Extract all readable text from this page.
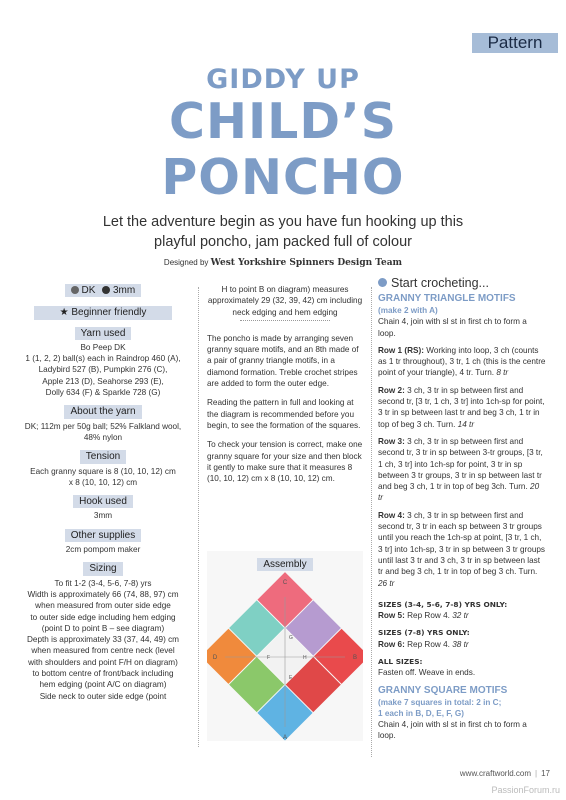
Pattern
GIDDY UP
CHILD’S
PONCHO
Let the adventure begin as you have fun hooking up this playful poncho, jam packed full of colour
Designed by West Yorkshire Spinners Design Team
DK 3mm
★ Beginner friendly
Yarn used
Bo Peep DK
1 (1, 2, 2) ball(s) each in Raindrop 460 (A),
Ladybird 527 (B), Pumpkin 276 (C),
Apple 213 (D), Seahorse 293 (E),
Dolly 634 (F) & Sparkle 728 (G)
About the yarn
DK; 112m per 50g ball; 52% Falkland wool,
48% nylon
Tension
Each granny square is 8 (10, 10, 12) cm
x 8 (10, 10, 12) cm
Hook used
3mm
Other supplies
2cm pompom maker
Sizing
To fit 1-2 (3-4, 5-6, 7-8) yrs
Width is approximately 66 (74, 88, 97) cm
when measured from outer side edge
to outer side edge including hem edging
(point D to point B – see diagram)
Depth is approximately 33 (37, 44, 49) cm
when measured from centre neck (level
with shoulders and point F/H on diagram)
to bottom centre of front/back including
hem edging (point A/C on diagram)
Side neck to outer side edge (point
H to point B on diagram) measures approximately 29 (32, 39, 42) cm including neck edging and hem edging

The poncho is made by arranging seven granny square motifs, and an 8th made of a pair of granny triangle motifs, in a diamond formation. Treble crochet stripes are added to form the outer edge.

Reading the pattern in full and looking at the diagram is recommended before you begin, to see the formation of the squares.

To check your tension is correct, make one granny square for your size and then block it gently to make sure that it measures 8 (10, 10, 12) cm x 8 (10, 10, 12) cm.

Assembly
C
A
D	B
G
E
F	H
Start crocheting...
GRANNY TRIANGLE MOTIFS
(make 2 with A)

Chain 4, join with sl st in first ch to form a loop.

Row 1 (RS): Working into loop, 3 ch (counts as 1 tr throughout), 3 tr, 1 ch (this is the centre point of your triangle), 4 tr. Turn. 8 tr

Row 2: 3 ch, 3 tr in sp between first and second tr, [3 tr, 1 ch, 3 tr] into 1ch-sp for point, 3 tr in sp between last tr and beg 3 ch, 1 tr in top of beg 3 ch. Turn. 14 tr

Row 3: 3 ch, 3 tr in sp between first and second tr, 3 tr in sp between 3-tr groups, [3 tr, 1 ch, 3 tr] into 1ch-sp for point, 3 tr in sp between 3 tr groups, 3 tr in sp between last tr and beg 3 ch, 1 tr in top of beg 3ch. Turn. 20 tr

Row 4: 3 ch, 3 tr in sp between first and second tr, 3 tr in each sp between 3 tr groups until you reach the 1ch-sp at point, [3 tr, 1 ch, 3 tr] into 1ch-sp, 3 tr in sp between 3 tr groups until last 3 tr and 3 ch, 3 tr in sp between last tr and beg 3 ch, 1 tr in top of beg 3 ch. Turn. 26 tr

SIZES (3-4, 5-6, 7-8) YRS ONLY:
Row 5: Rep Row 4. 32 tr

SIZES (7-8) YRS ONLY:
Row 6: Rep Row 4. 38 tr

ALL SIZES:
Fasten off. Weave in ends.

GRANNY SQUARE MOTIFS
(make 7 squares in total: 2 in C;
1 each in B, D, E, F, G)

Chain 4, join with sl st in first ch to form a loop.

www.craftworld.com | 17
PassionForum.ru
